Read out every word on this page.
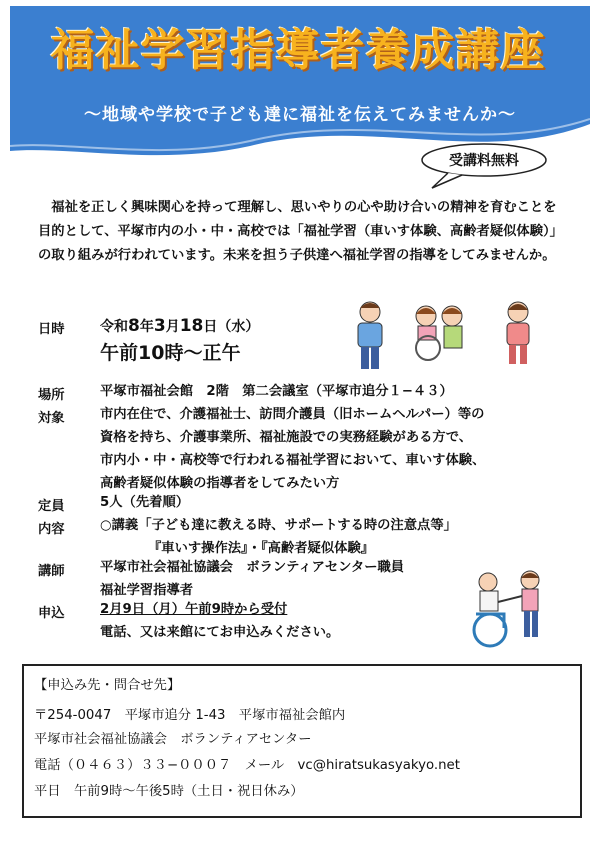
福祉学習指導者養成講座
〜地域や学校で子ども達に福祉を伝えてみませんか〜
受講料無料
福祉を正しく興味関心を持って理解し、思いやりの心や助け合いの精神を育むことを目的として、平塚市内の小・中・高校では「福祉学習（車いす体験、高齢者疑似体験）」の取り組みが行われています。未来を担う子供達へ福祉学習の指導をしてみませんか。
日時	令和8年3月18日（水）
午前10時〜正午
場所	平塚市福祉会館　2階　第二会議室（平塚市追分１−４３）
対象	市内在住で、介護福祉士、訪問介護員（旧ホームヘルパー）等の
資格を持ち、介護事業所、福祉施設での実務経験がある方で、
市内小・中・高校等で行われる福祉学習において、車いす体験、
高齢者疑似体験の指導者をしてみたい方
定員	5人（先着順）
内容	○講義「子ども達に教える時、サポートする時の注意点等」
『車いす操作法』・『高齢者疑似体験』
講師	平塚市社会福祉協議会　ボランティアセンター職員
福祉学習指導者
申込	2月9日（月）午前9時から受付
電話、又は来館にてお申込みください。
【申込み先・問合せ先】
〒254-0047　平塚市追分 1-43　平塚市福祉会館内
平塚市社会福祉協議会　ボランティアセンター
電話（０４６３）３３−０００７　メール　vc@hiratsukasyakyo.net
平日　午前9時〜午後5時（土日・祝日休み）
